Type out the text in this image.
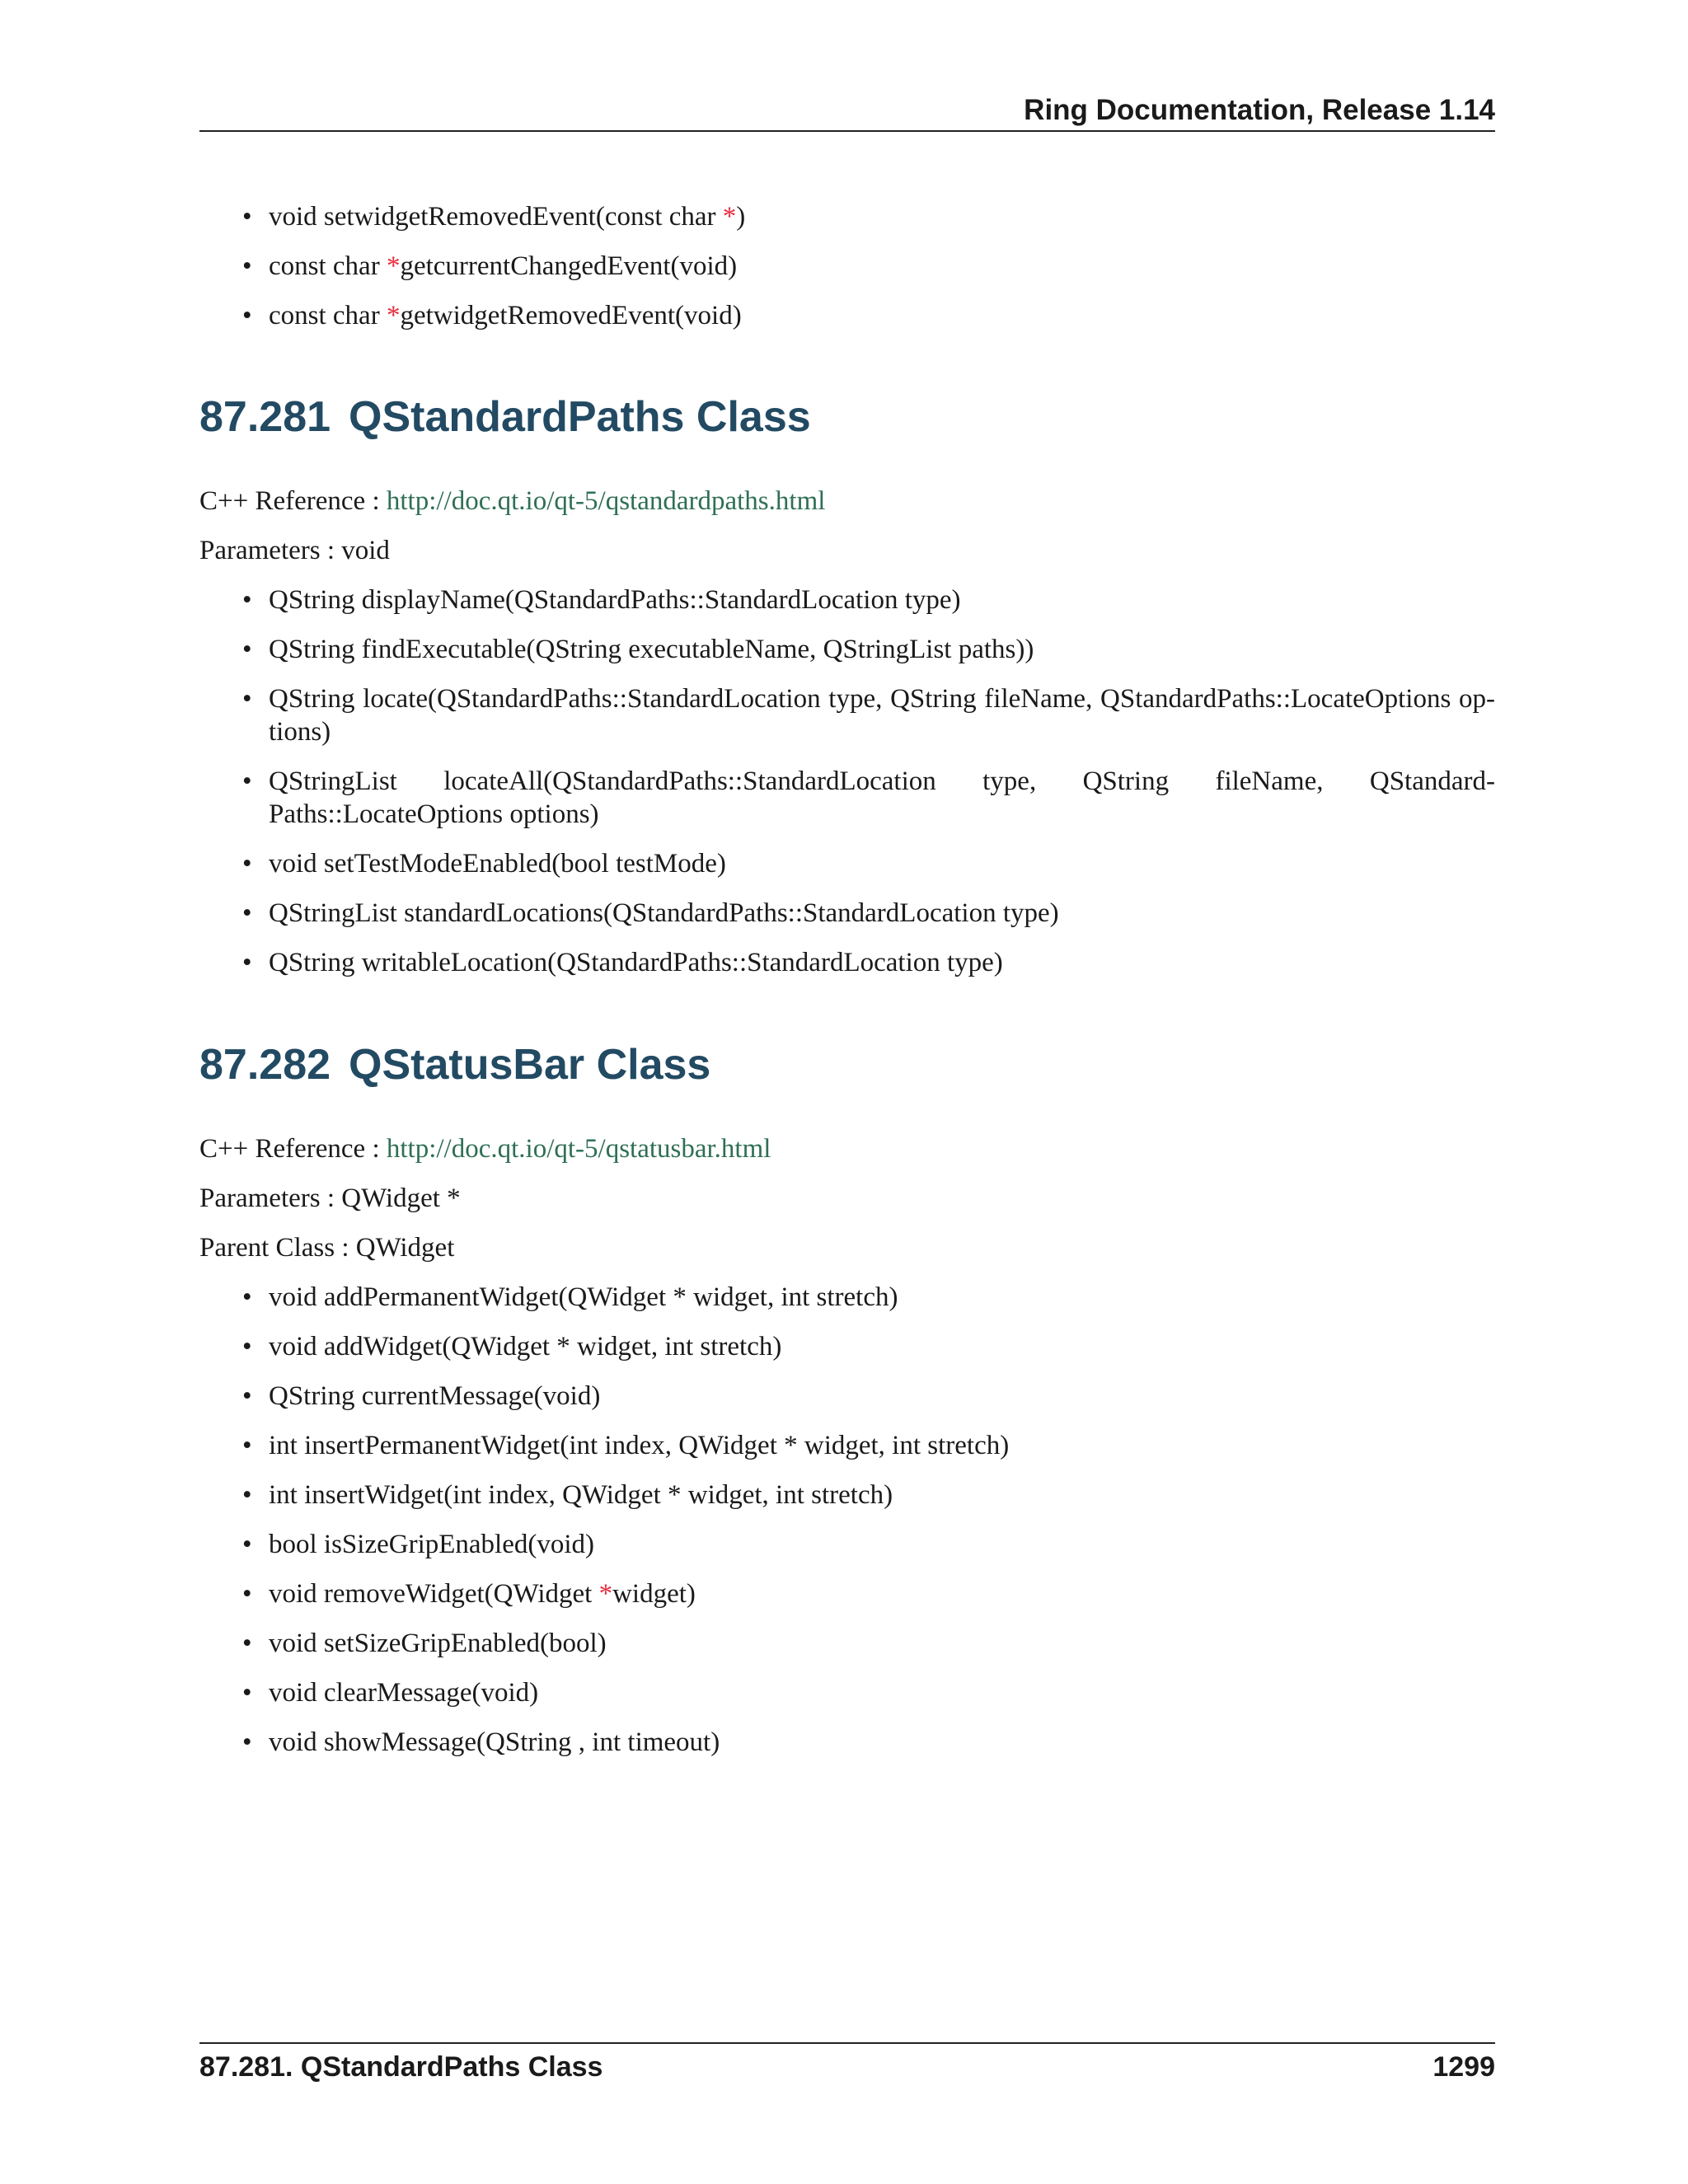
Ring Documentation, Release 1.14
• void setwidgetRemovedEvent(const char *)
• const char *getcurrentChangedEvent(void)
• const char *getwidgetRemovedEvent(void)
87.281 QStandardPaths Class

C++ Reference : http://doc.qt.io/qt-5/qstandardpaths.html

Parameters : void

• QString displayName(QStandardPaths::StandardLocation type)
• QString findExecutable(QString executableName, QStringList paths))
• QString locate(QStandardPaths::StandardLocation type, QString fileName, QStandardPaths::LocateOptions op-tions)
• QStringList locateAll(QStandardPaths::StandardLocation type, QString fileName, QStandard-Paths::LocateOptions options)
• void setTestModeEnabled(bool testMode)
• QStringList standardLocations(QStandardPaths::StandardLocation type)
• QString writableLocation(QStandardPaths::StandardLocation type)
87.282 QStatusBar Class

C++ Reference : http://doc.qt.io/qt-5/qstatusbar.html

Parameters : QWidget *

Parent Class : QWidget

• void addPermanentWidget(QWidget * widget, int stretch)
• void addWidget(QWidget * widget, int stretch)
• QString currentMessage(void)
• int insertPermanentWidget(int index, QWidget * widget, int stretch)
• int insertWidget(int index, QWidget * widget, int stretch)
• bool isSizeGripEnabled(void)
• void removeWidget(QWidget *widget)
• void setSizeGripEnabled(bool)
• void clearMessage(void)
• void showMessage(QString , int timeout)
87.281. QStandardPaths Class	1299
